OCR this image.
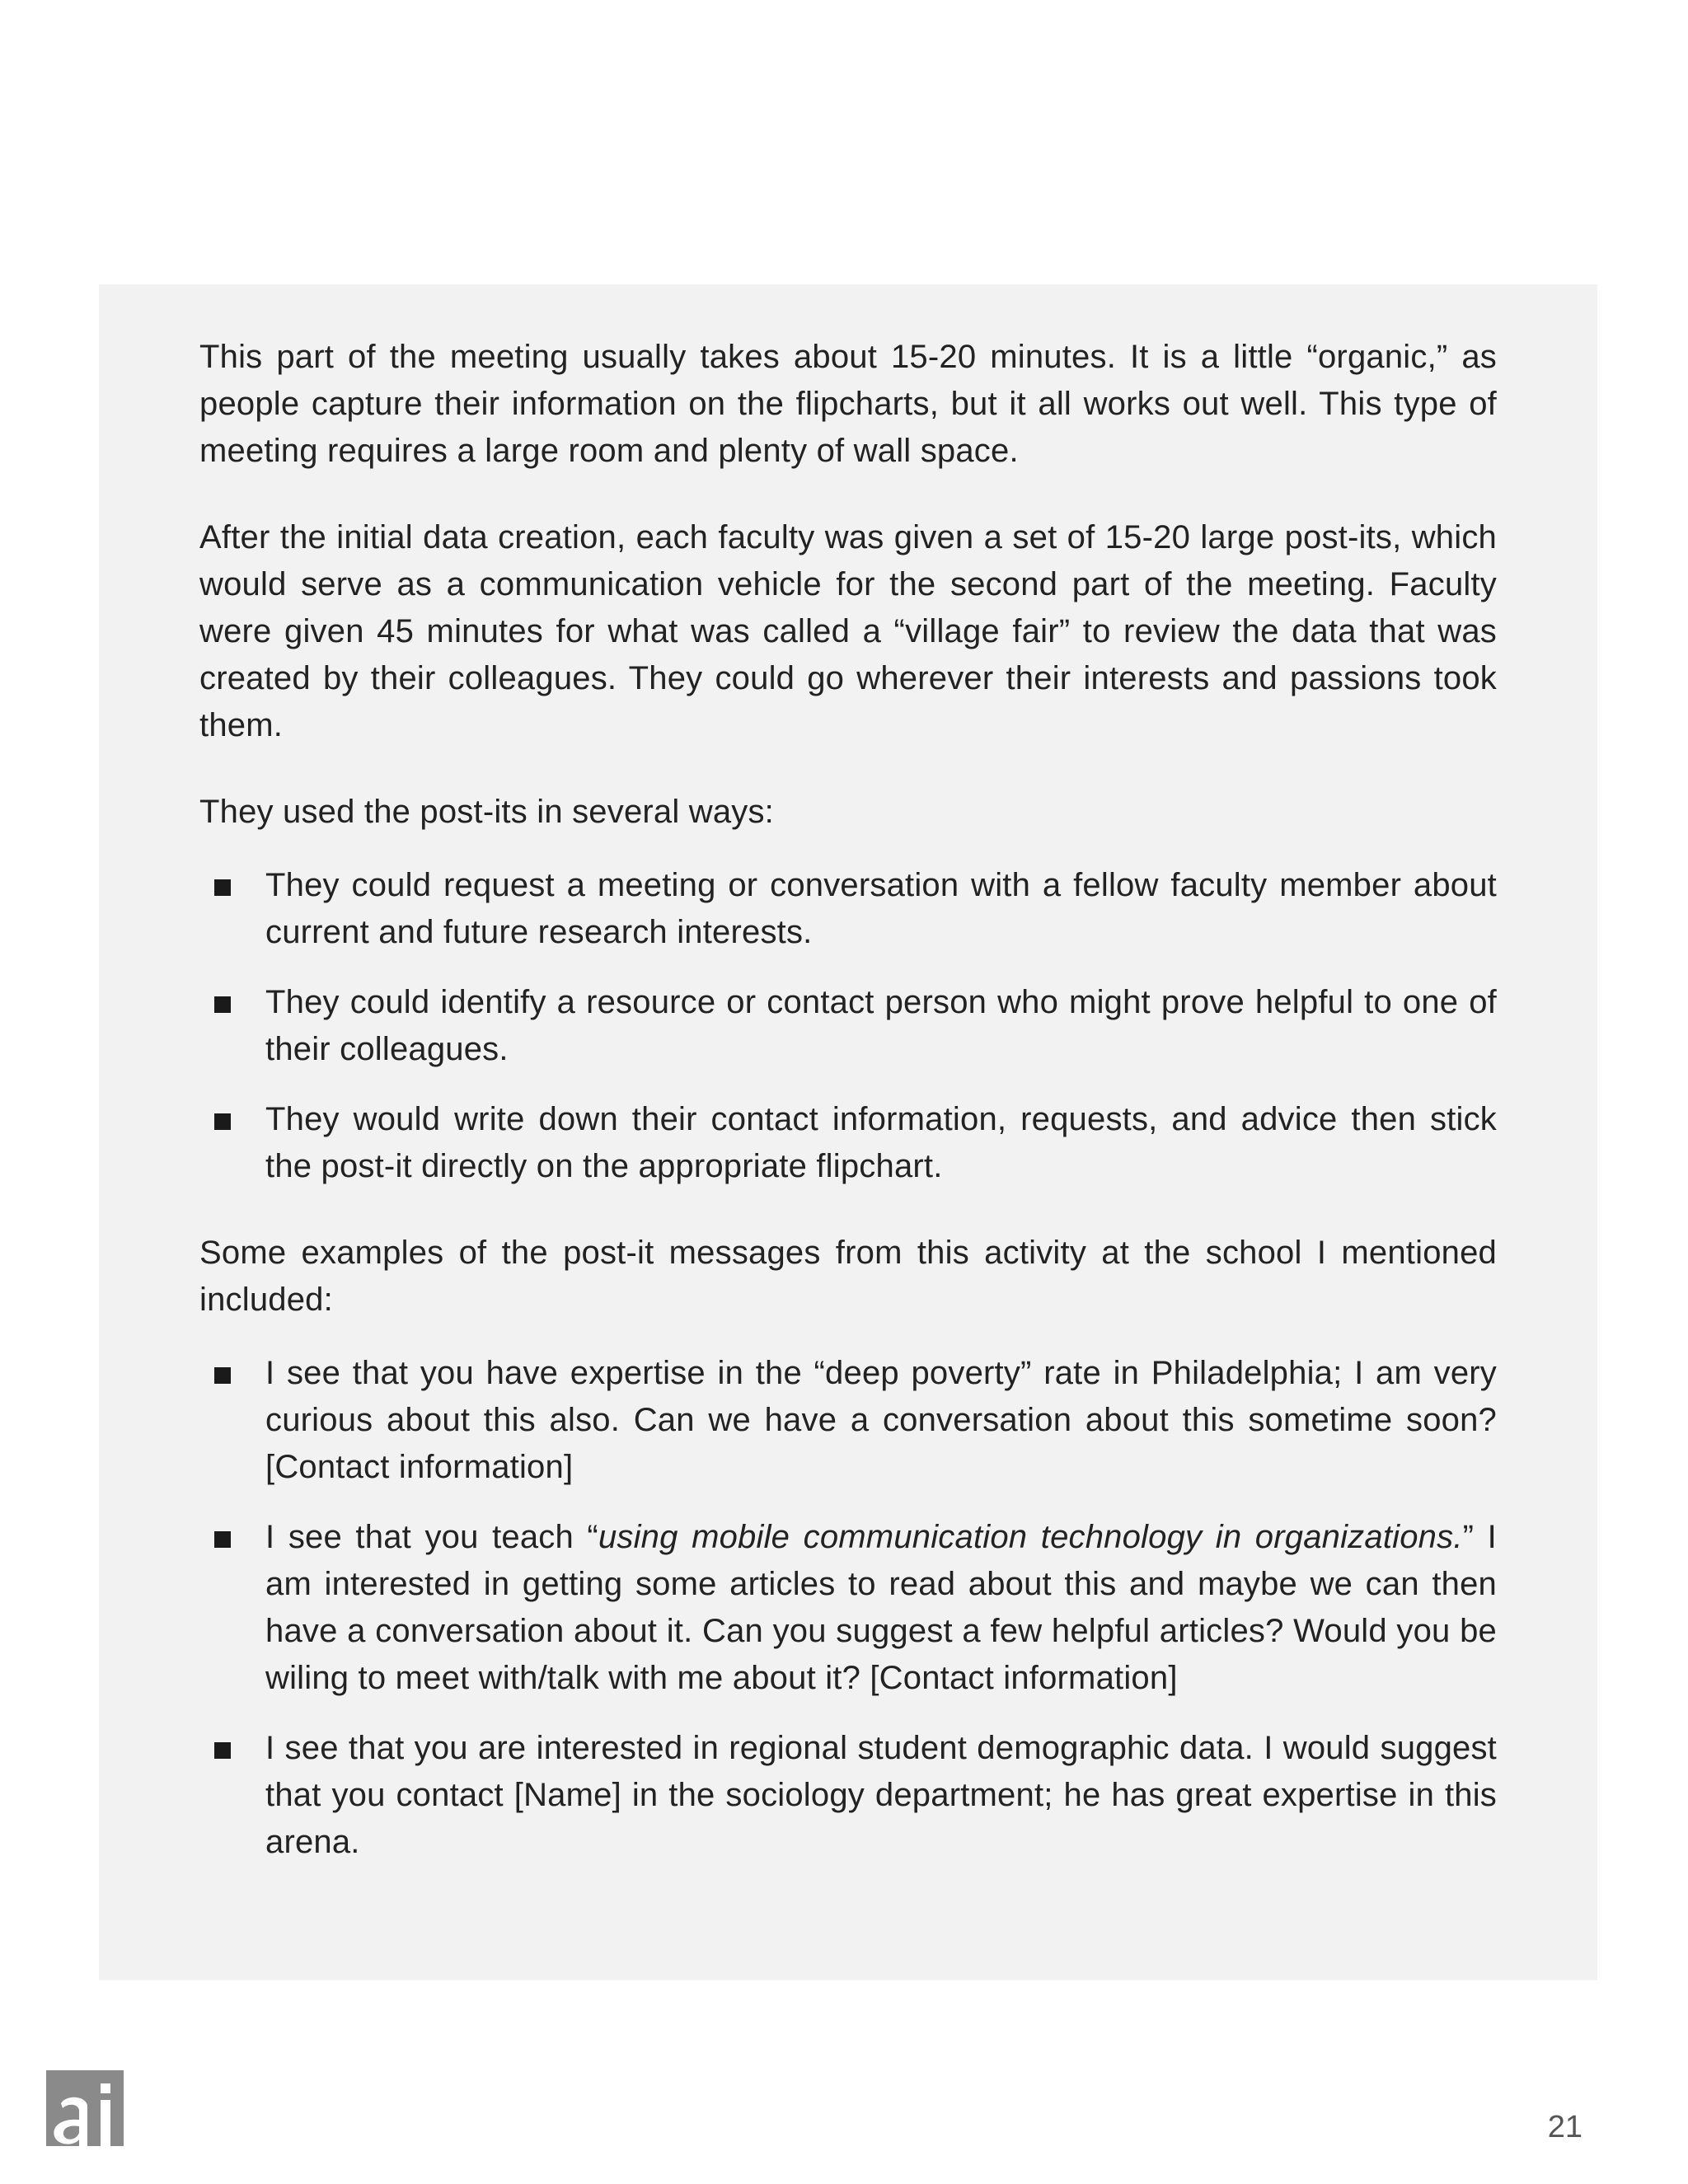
This part of the meeting usually takes about 15-20 minutes. It is a little “organic,” as people capture their information on the flipcharts, but it all works out well. This type of meeting requires a large room and plenty of wall space.

After the initial data creation, each faculty was given a set of 15-20 large post-its, which would serve as a communication vehicle for the second part of the meeting. Faculty were given 45 minutes for what was called a “village fair” to review the data that was created by their colleagues. They could go wherever their interests and passions took them.

They used the post-its in several ways:

They could request a meeting or conversation with a fellow faculty member about current and future research interests.
They could identify a resource or contact person who might prove helpful to one of their colleagues.
They would write down their contact information, requests, and advice then stick the post-it directly on the appropriate flipchart.

Some examples of the post-it messages from this activity at the school I mentioned included:

I see that you have expertise in the “deep poverty” rate in Philadelphia; I am very curious about this also. Can we have a conversation about this sometime soon? [Contact information]
I see that you teach “using mobile communication technology in organizations.” I am interested in getting some articles to read about this and maybe we can then have a conversation about it. Can you suggest a few helpful articles? Would you be wiling to meet with/talk with me about it? [Contact information]
I see that you are interested in regional student demographic data. I would suggest that you contact [Name] in the sociology department; he has great expertise in this arena.
21
